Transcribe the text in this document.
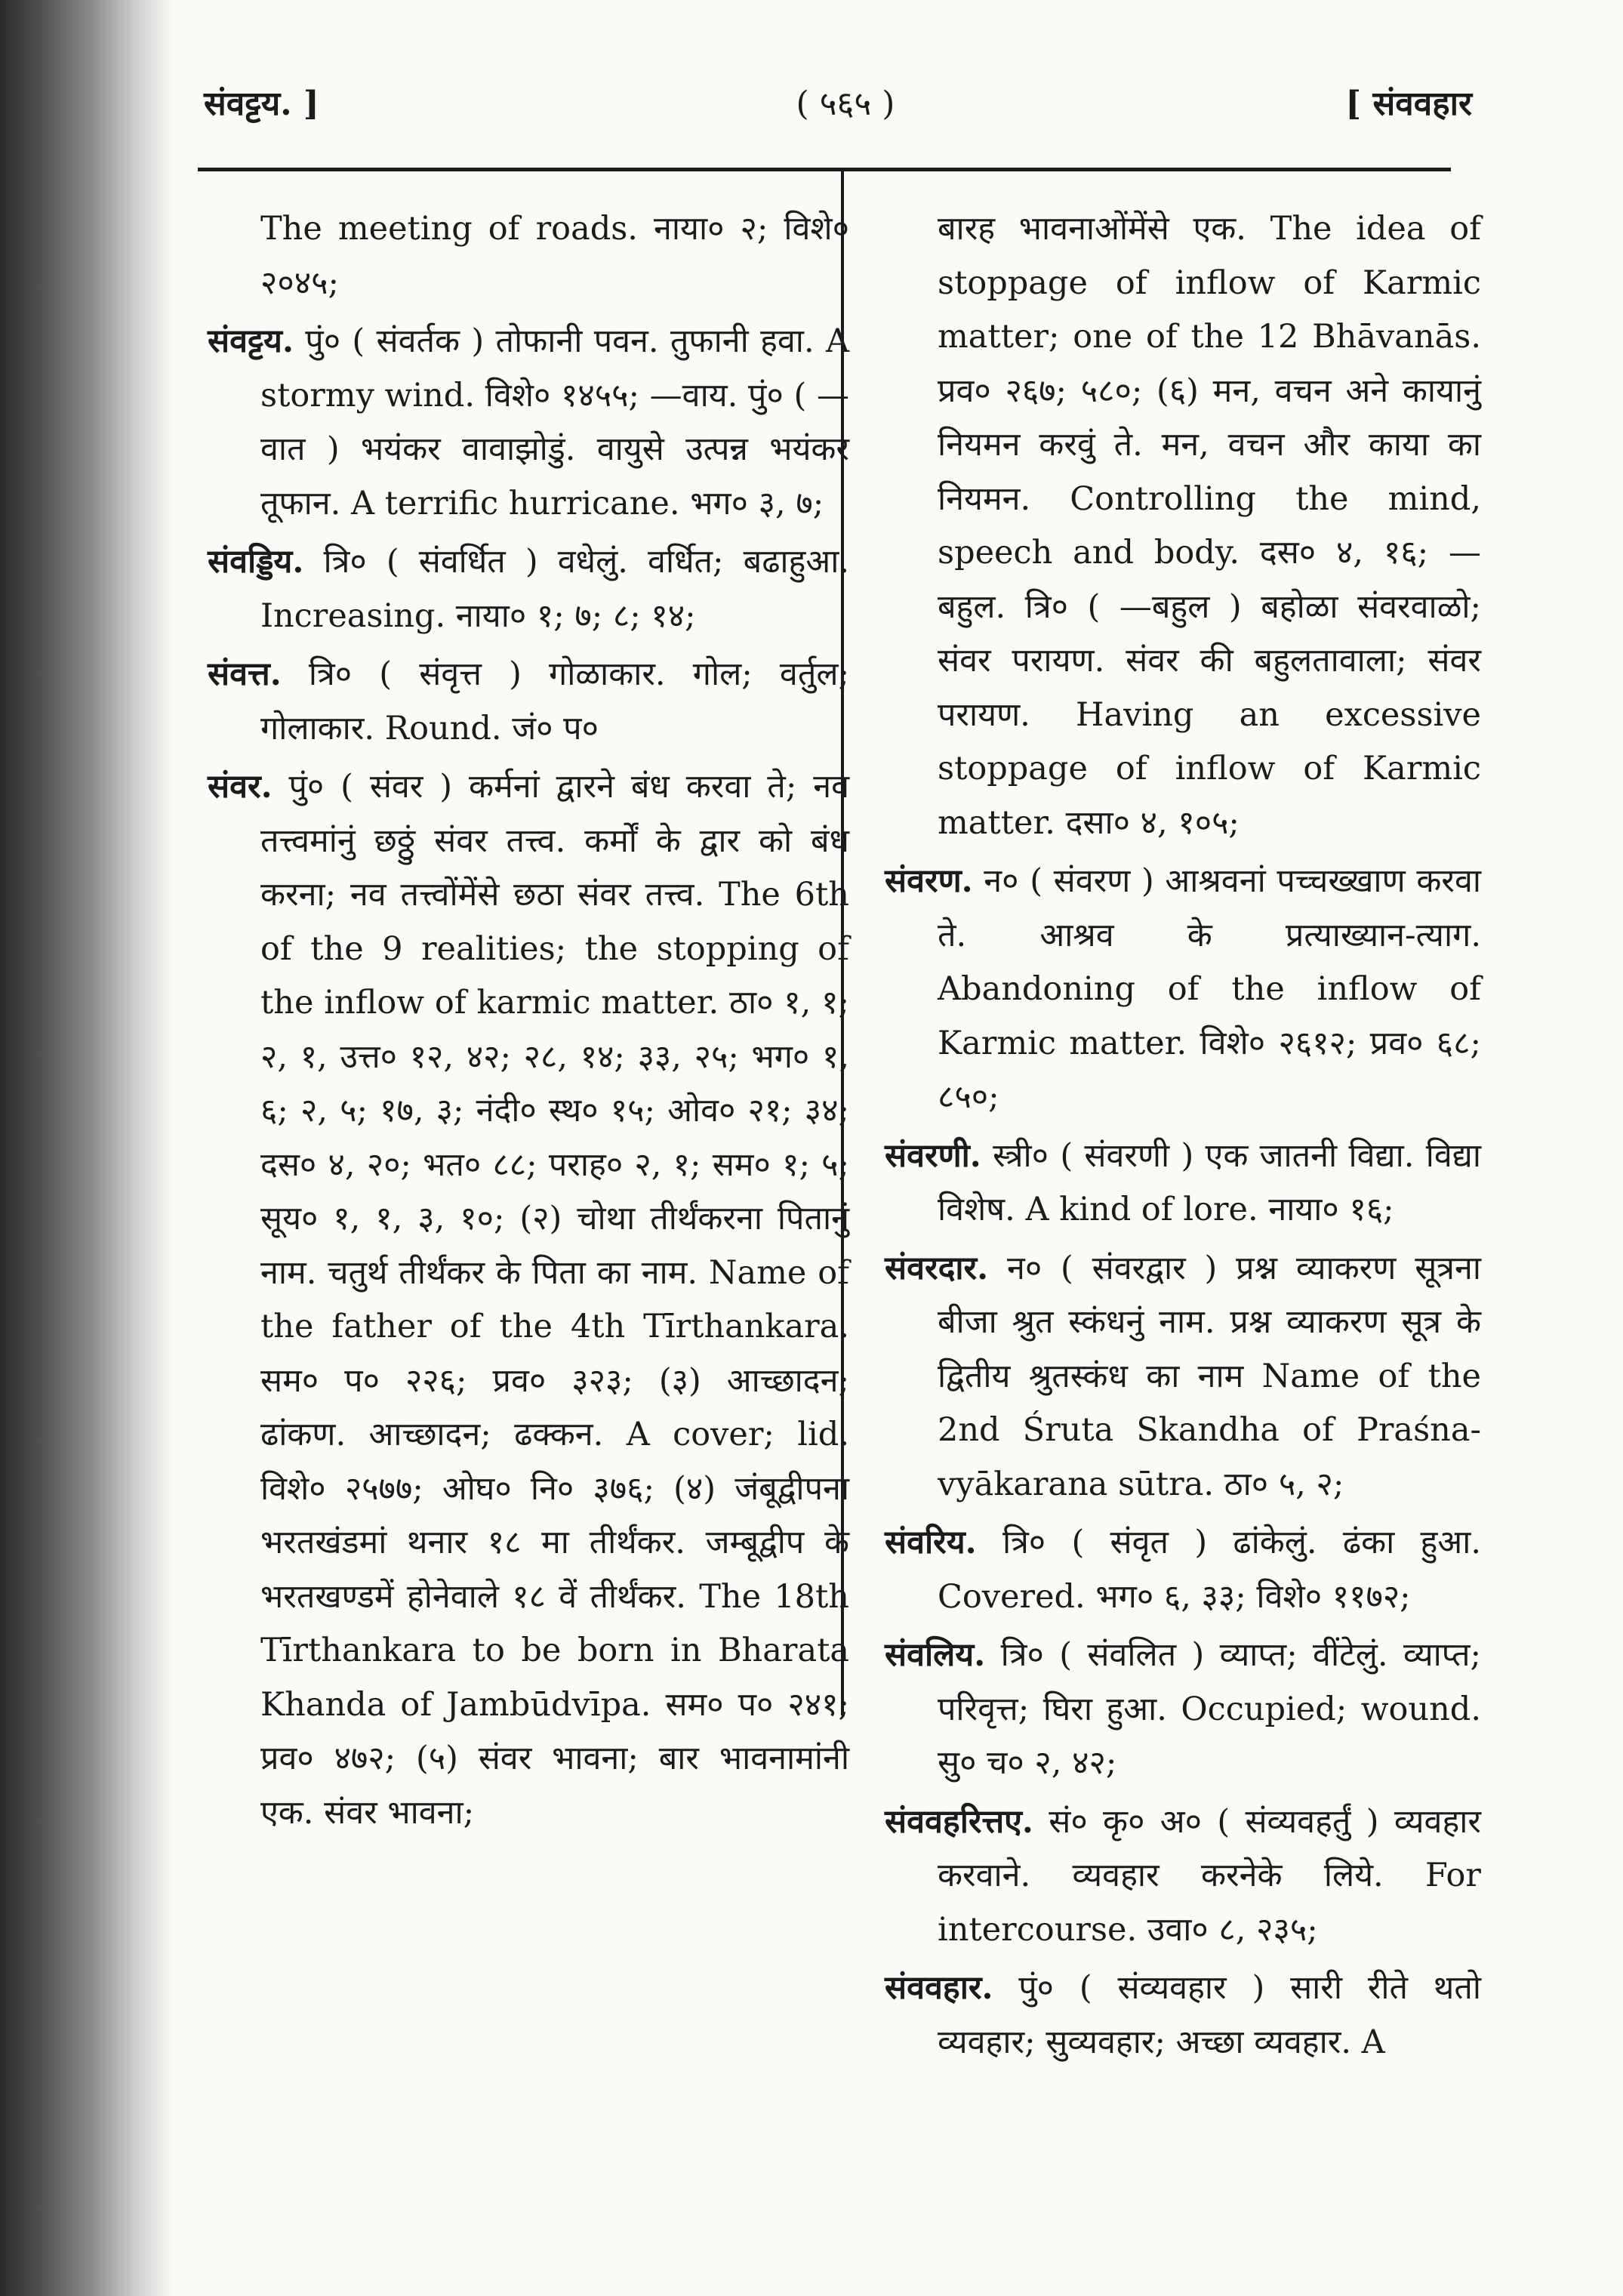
संवट्टय. ]	( ५६५ )	[ संववहार

The meeting of roads. नाया० २; विशे० २०४५;

संवट्टय. पुं० ( संवर्तक ) तोफानी पवन. तुफानी हवा. A stormy wind. विशे० १४५५; —वाय. पुं० ( —वात ) भयंकर वावाझोडुं. वायुसे उत्पन्न भयंकर तूफान. A terrific hurricane. भग० ३, ७;

संवड्डिय. त्रि० ( संवर्धित ) वधेलुं. वर्धित; बढाहुआ. Increasing. नाया० १; ७; ८; १४;

संवत्त. त्रि० ( संवृत्त ) गोळाकार. गोल; वर्तुल; गोलाकार. Round. जं० प०

संवर. पुं० ( संवर ) कर्मनां द्वारने बंध करवा ते; नव तत्त्वमांनुं छठ्ठुं संवर तत्त्व. कर्मों के द्वार को बंध करना; नव तत्त्वोंमेंसे छठा संवर तत्त्व. The 6th of the 9 realities; the stopping of the inflow of karmic matter. ठा० १, १; २, १, उत्त० १२, ४२; २८, १४; ३३, २५; भग० १, ६; २, ५; १७, ३; नंदी० स्थ० १५; ओव० २१; ३४; दस० ४, २०; भत० ८८; पराह० २, १; सम० १; ५; सूय० १, १, ३, १०; (२) चोथा तीर्थंकरना पितानुं नाम. चतुर्थ तीर्थंकर के पिता का नाम. Name of the father of the 4th Tīrthankara. सम० प० २२६; प्रव० ३२३; (३) आच्छादन; ढांकण. आच्छादन; ढक्कन. A cover; lid. विशे० २५७७; ओघ० नि० ३७६; (४) जंबूद्वीपना भरतखंडमां थनार १८ मा तीर्थंकर. जम्बूद्वीप के भरतखण्डमें होनेवाले १८ वें तीर्थंकर. The 18th Tīrthankara to be born in Bharata Khanda of Jambūdvīpa. सम० प० २४१; प्रव० ४७२; (५) संवर भावना; बार भावनामांनी एक. संवर भावना;

बारह भावनाओंमेंसे एक. The idea of stoppage of inflow of Karmic matter; one of the 12 Bhāvanās. प्रव० २६७; ५८०; (६) मन, वचन अने कायानुं नियमन करवुं ते. मन, वचन और काया का नियमन. Controlling the mind, speech and body. दस० ४, १६; —बहुल. त्रि० ( —बहुल ) बहोळा संवरवाळो; संवर परायण. संवर की बहुलतावाला; संवर परायण. Having an excessive stoppage of inflow of Karmic matter. दसा० ४, १०५;

संवरण. न० ( संवरण ) आश्रवनां पच्चख्खाण करवा ते. आश्रव के प्रत्याख्यान-त्याग. Abandoning of the inflow of Karmic matter. विशे० २६१२; प्रव० ६८; ८५०;

संवरणी. स्त्री० ( संवरणी ) एक जातनी विद्या. विद्या विशेष. A kind of lore. नाया० १६;

संवरदार. न० ( संवरद्वार ) प्रश्न व्याकरण सूत्रना बीजा श्रुत स्कंधनुं नाम. प्रश्न व्याकरण सूत्र के द्वितीय श्रुतस्कंध का नाम Name of the 2nd Śruta Skandha of Praśna-vyākarana sūtra. ठा० ५, २;

संवरिय. त्रि० ( संवृत ) ढांकेलुं. ढंका हुआ. Covered. भग० ६, ३३; विशे० ११७२;

संवलिय. त्रि० ( संवलित ) व्याप्त; वींटेलुं. व्याप्त; परिवृत्त; घिरा हुआ. Occupied; wound. सु० च० २, ४२;

संववहरित्तए. सं० कृ० अ० ( संव्यवहर्तुं ) व्यवहार करवाने. व्यवहार करनेके लिये. For intercourse. उवा० ८, २३५;

संववहार. पुं० ( संव्यवहार ) सारी रीते थतो व्यवहार; सुव्यवहार; अच्छा व्यवहार. A
